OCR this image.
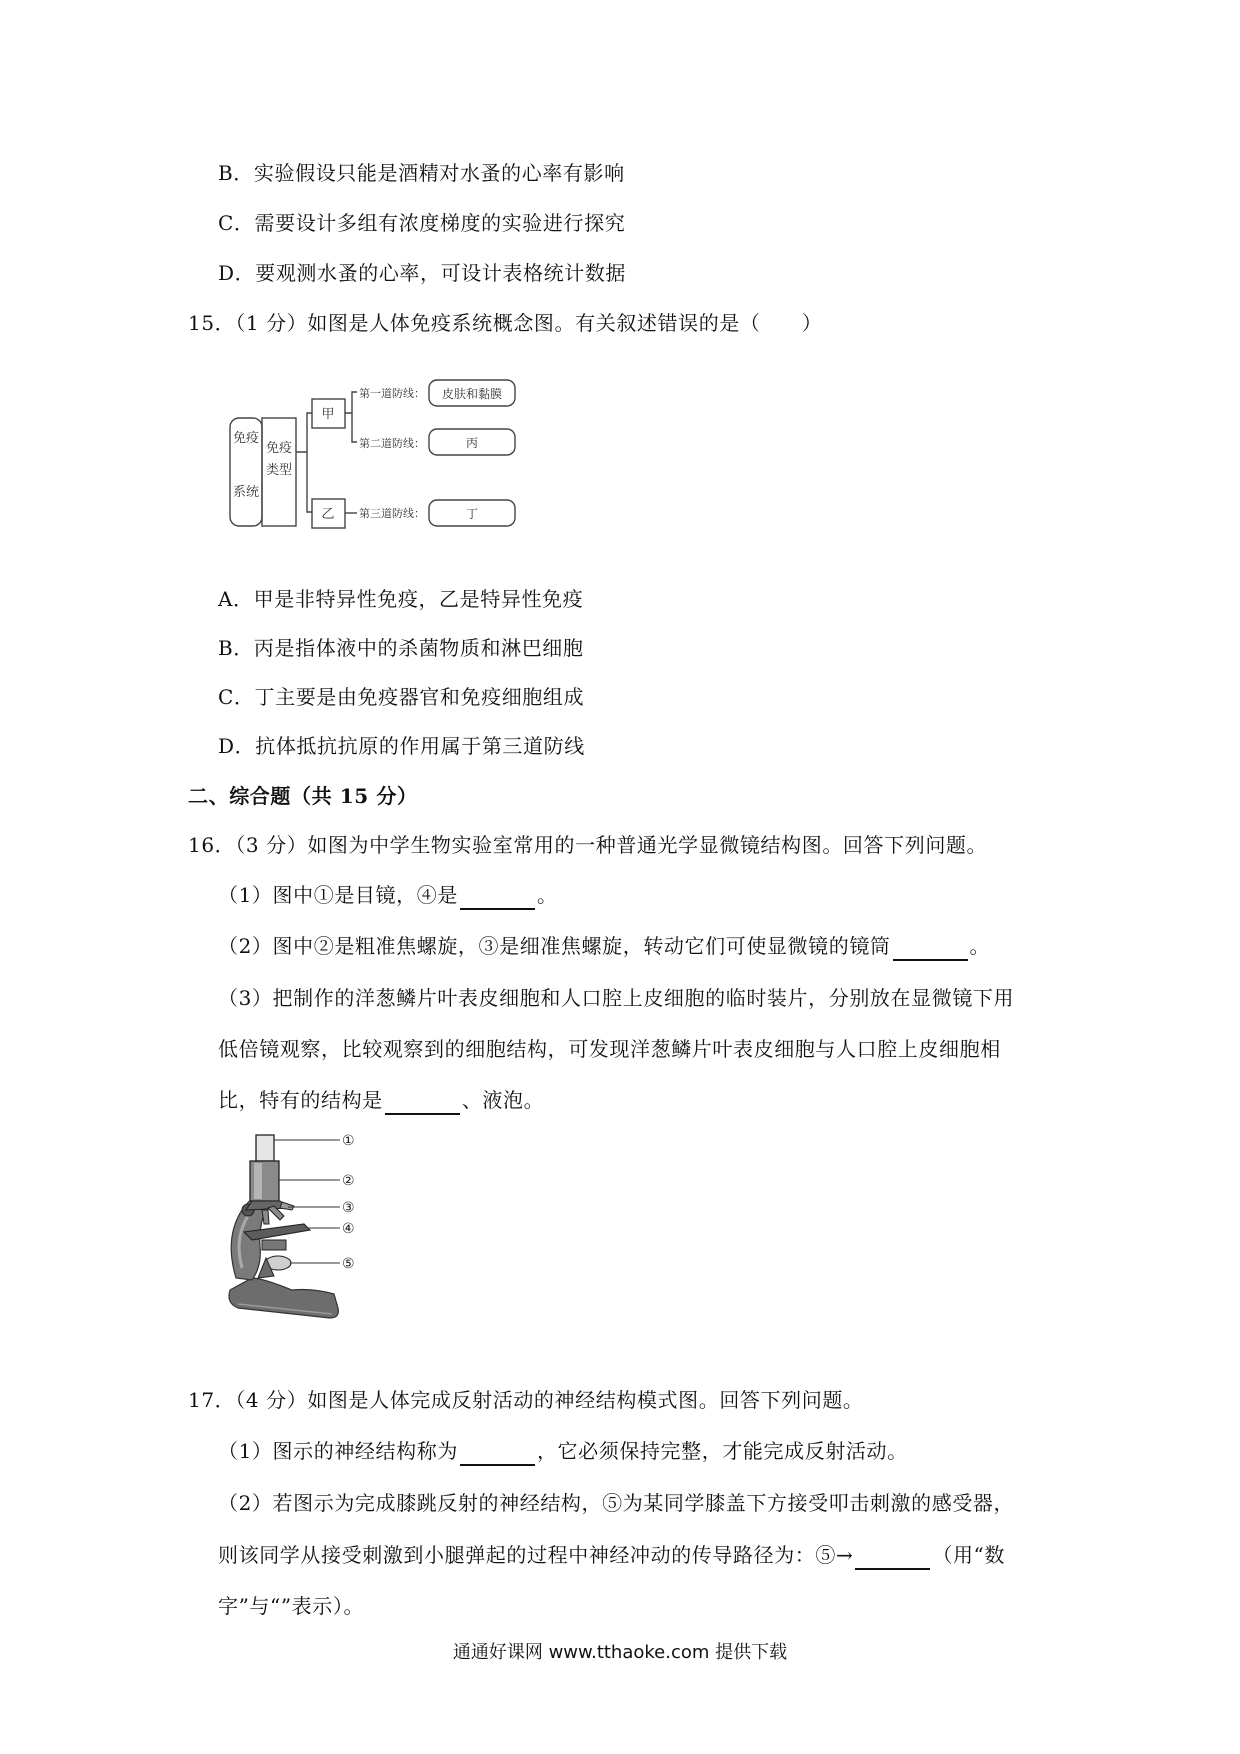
B．实验假设只能是酒精对水蚤的心率有影响
C．需要设计多组有浓度梯度的实验进行探究
D．要观测水蚤的心率，可设计表格统计数据
15．（1 分）如图是人体免疫系统概念图。有关叙述错误的是（　　）
免疫

系统
免疫
类型
甲
乙
第一道防线：
第二道防线：
第三道防线：
皮肤和黏膜
丙
丁
A．甲是非特异性免疫，乙是特异性免疫
B．丙是指体液中的杀菌物质和淋巴细胞
C．丁主要是由免疫器官和免疫细胞组成
D．抗体抵抗抗原的作用属于第三道防线
二、综合题（共 15 分）
16．（3 分）如图为中学生物实验室常用的一种普通光学显微镜结构图。回答下列问题。
（1）图中①是目镜，④是	。
（2）图中②是粗准焦螺旋，③是细准焦螺旋，转动它们可使显微镜的镜筒	。
（3）把制作的洋葱鳞片叶表皮细胞和人口腔上皮细胞的临时装片，分别放在显微镜下用
低倍镜观察，比较观察到的细胞结构，可发现洋葱鳞片叶表皮细胞与人口腔上皮细胞相
比，特有的结构是	、液泡。
①
②
③
④
⑤
17．（4 分）如图是人体完成反射活动的神经结构模式图。回答下列问题。
（1）图示的神经结构称为	，它必须保持完整，才能完成反射活动。
（2）若图示为完成膝跳反射的神经结构，⑤为某同学膝盖下方接受叩击刺激的感受器，
则该同学从接受刺激到小腿弹起的过程中神经冲动的传导路径为：⑤→	（用“数
字”与“”表示）。
通通好课网 www.tthaoke.com 提供下载
